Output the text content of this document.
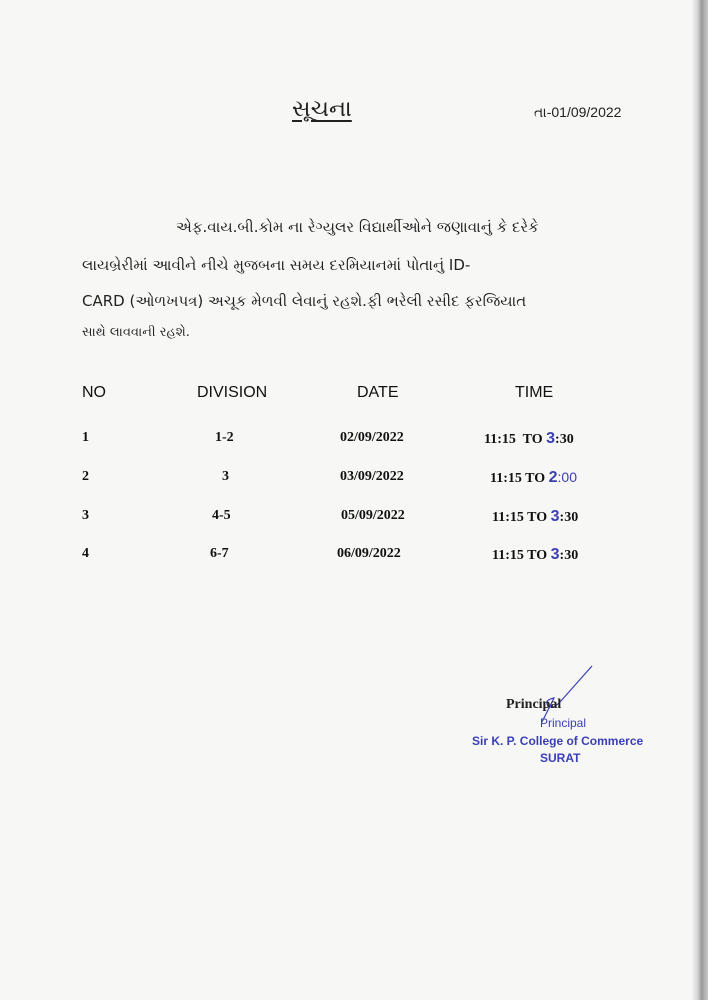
સૂચના	તા-01/09/2022
એફ.વાય.બી.કોમ ના રેગ્યુલર વિદ્યાર્થીઓને જણાવાનું કે દરેકે
લાયબ્રેરીમાં આવીને નીચે મુજબના સમય દરમિયાનમાં પોતાનું ID-
CARD (ઓળખપત્ર) અચૂક મેળવી લેવાનું રહશે.ફી ભરેલી રસીદ ફરજિયાત
સાથે લાવવાની રહશે.
NO	DIVISION	DATE	TIME
1	1-2	02/09/2022	11:15  TO 3:30
2	3	03/09/2022	11:15 TO 2:00
3	4-5	05/09/2022	11:15 TO 3:30
4	6-7	06/09/2022	11:15 TO 3:30
Principal
Principal
Sir K. P. College of Commerce
SURAT
